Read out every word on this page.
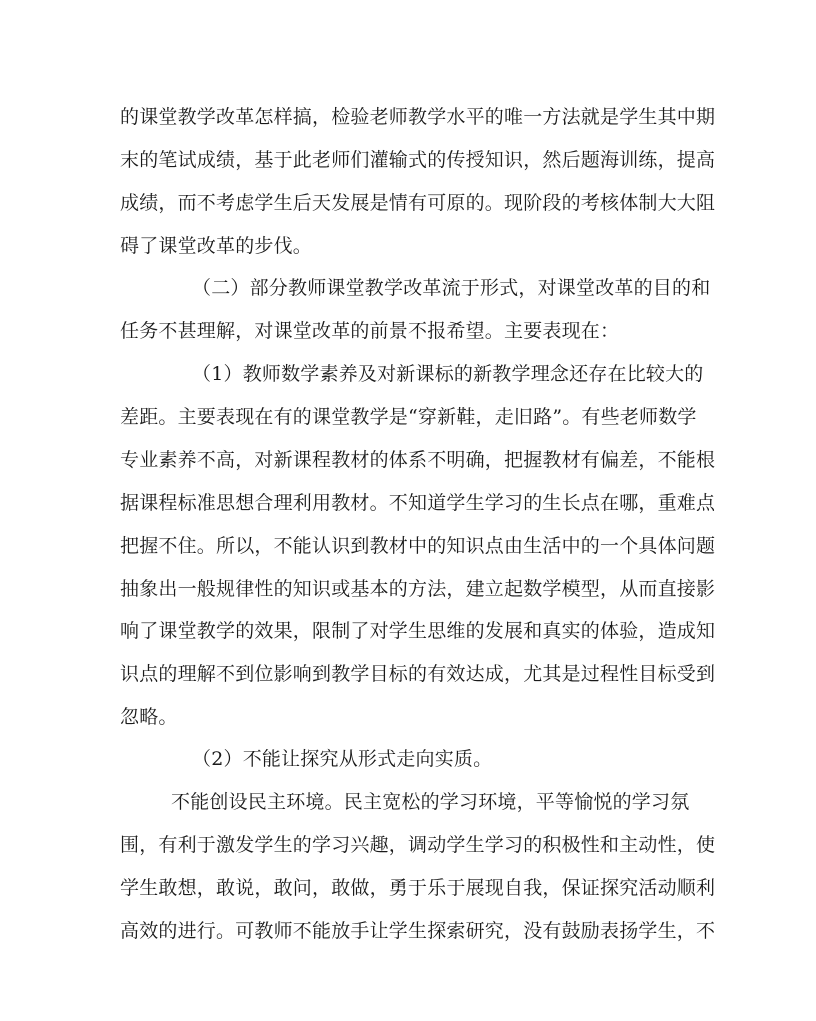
的课堂教学改革怎样搞，检验老师教学水平的唯一方法就是学生其中期
末的笔试成绩，基于此老师们灌输式的传授知识，然后题海训练，提高
成绩，而不考虑学生后天发展是情有可原的。现阶段的考核体制大大阻
碍了课堂改革的步伐。
（二）部分教师课堂教学改革流于形式，对课堂改革的目的和
任务不甚理解，对课堂改革的前景不报希望。主要表现在：
（1）教师数学素养及对新课标的新教学理念还存在比较大的
差距。主要表现在有的课堂教学是“穿新鞋，走旧路”。有些老师数学
专业素养不高，对新课程教材的体系不明确，把握教材有偏差，不能根
据课程标准思想合理利用教材。不知道学生学习的生长点在哪，重难点
把握不住。所以，不能认识到教材中的知识点由生活中的一个具体问题
抽象出一般规律性的知识或基本的方法，建立起数学模型，从而直接影
响了课堂教学的效果，限制了对学生思维的发展和真实的体验，造成知
识点的理解不到位影响到教学目标的有效达成，尤其是过程性目标受到
忽略。
（2）不能让探究从形式走向实质。
不能创设民主环境。民主宽松的学习环境，平等愉悦的学习氛
围，有利于激发学生的学习兴趣，调动学生学习的积极性和主动性，使
学生敢想，敢说，敢问，敢做，勇于乐于展现自我，保证探究活动顺利
高效的进行。可教师不能放手让学生探索研究，没有鼓励表扬学生，不
